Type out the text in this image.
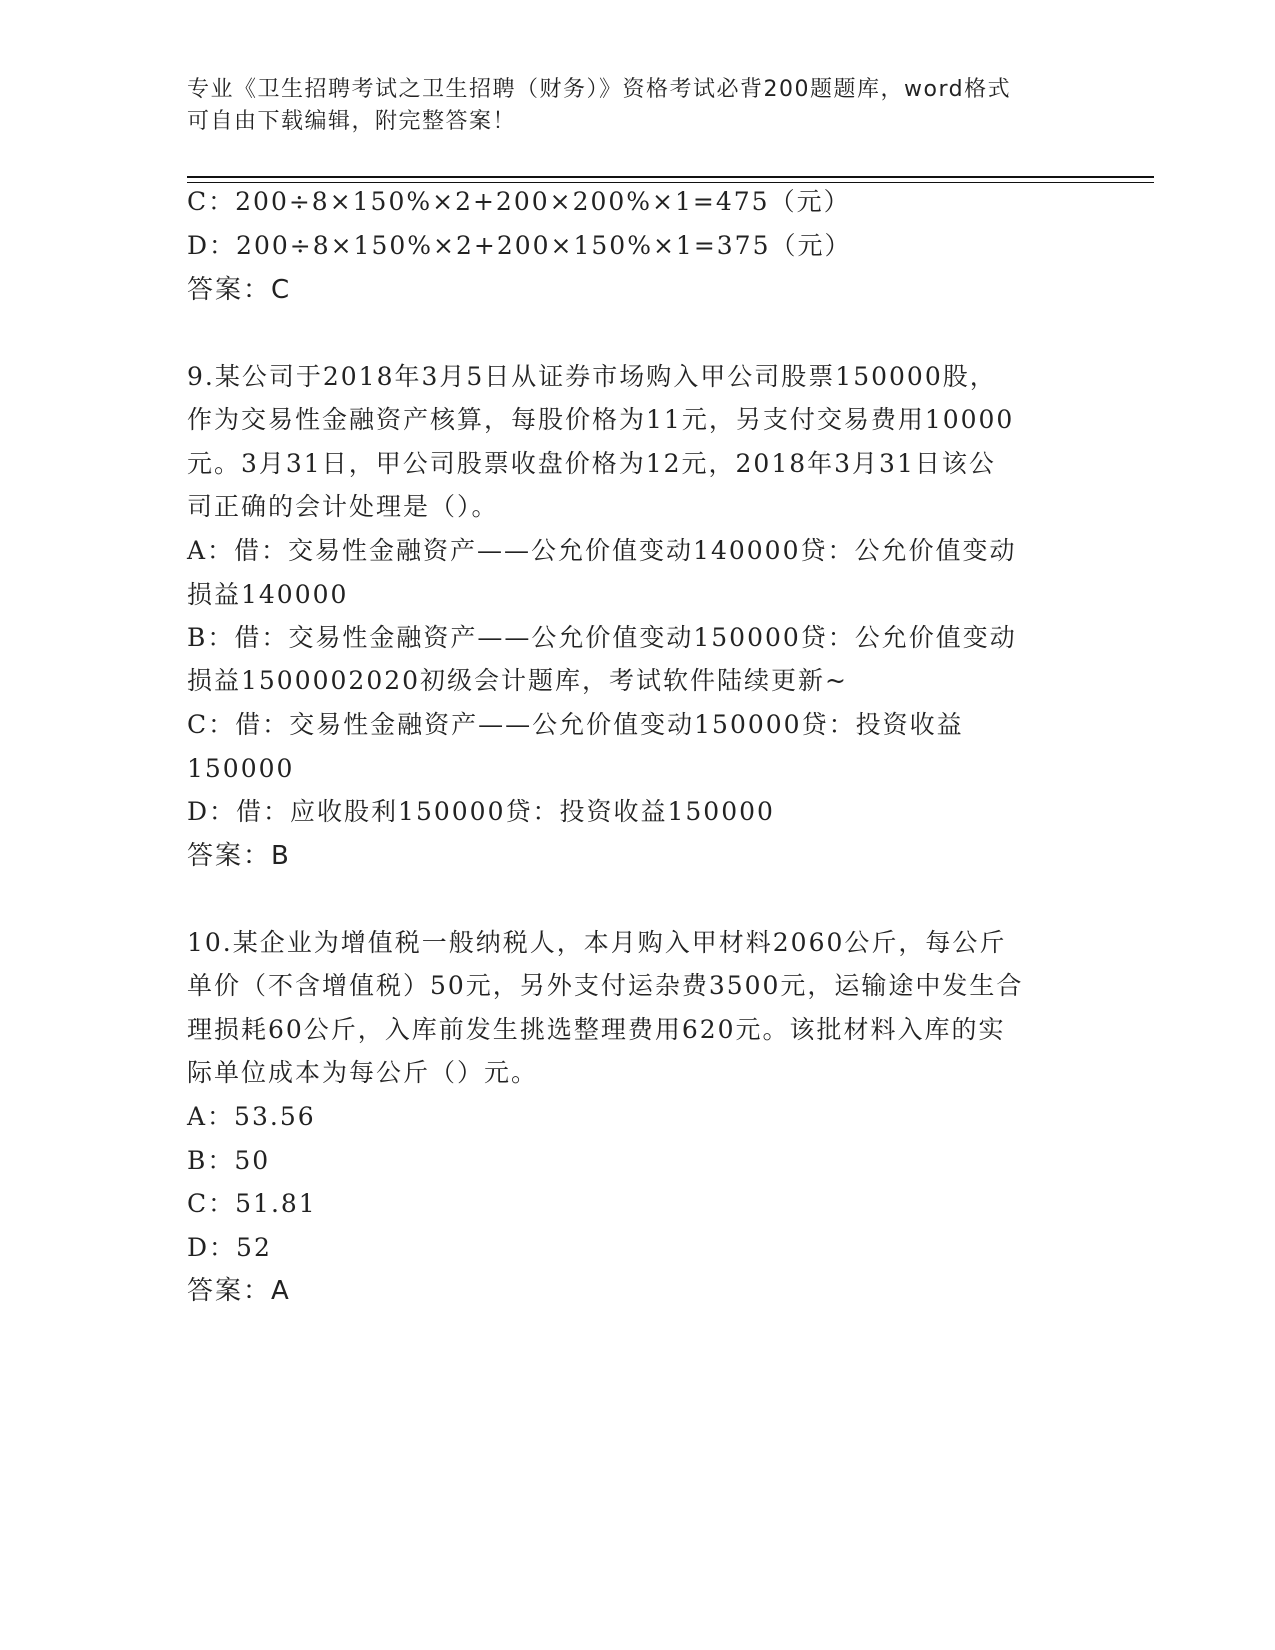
专业《卫生招聘考试之卫生招聘（财务）》资格考试必背200题题库，word格式
可自由下载编辑，附完整答案！
C：200÷8×150%×2+200×200%×1=475（元）
D：200÷8×150%×2+200×150%×1=375（元）
答案：C
9.某公司于2018年3月5日从证券市场购入甲公司股票150000股，
作为交易性金融资产核算，每股价格为11元，另支付交易费用10000
元。3月31日，甲公司股票收盘价格为12元，2018年3月31日该公
司正确的会计处理是（）。
A：借：交易性金融资产——公允价值变动140000贷：公允价值变动
损益140000
B：借：交易性金融资产——公允价值变动150000贷：公允价值变动
损益1500002020初级会计题库，考试软件陆续更新~
C：借：交易性金融资产——公允价值变动150000贷：投资收益
150000
D：借：应收股利150000贷：投资收益150000
答案：B
10.某企业为增值税一般纳税人，本月购入甲材料2060公斤，每公斤
单价（不含增值税）50元，另外支付运杂费3500元，运输途中发生合
理损耗60公斤，入库前发生挑选整理费用620元。该批材料入库的实
际单位成本为每公斤（）元。
A：53.56
B：50
C：51.81
D：52
答案：A
